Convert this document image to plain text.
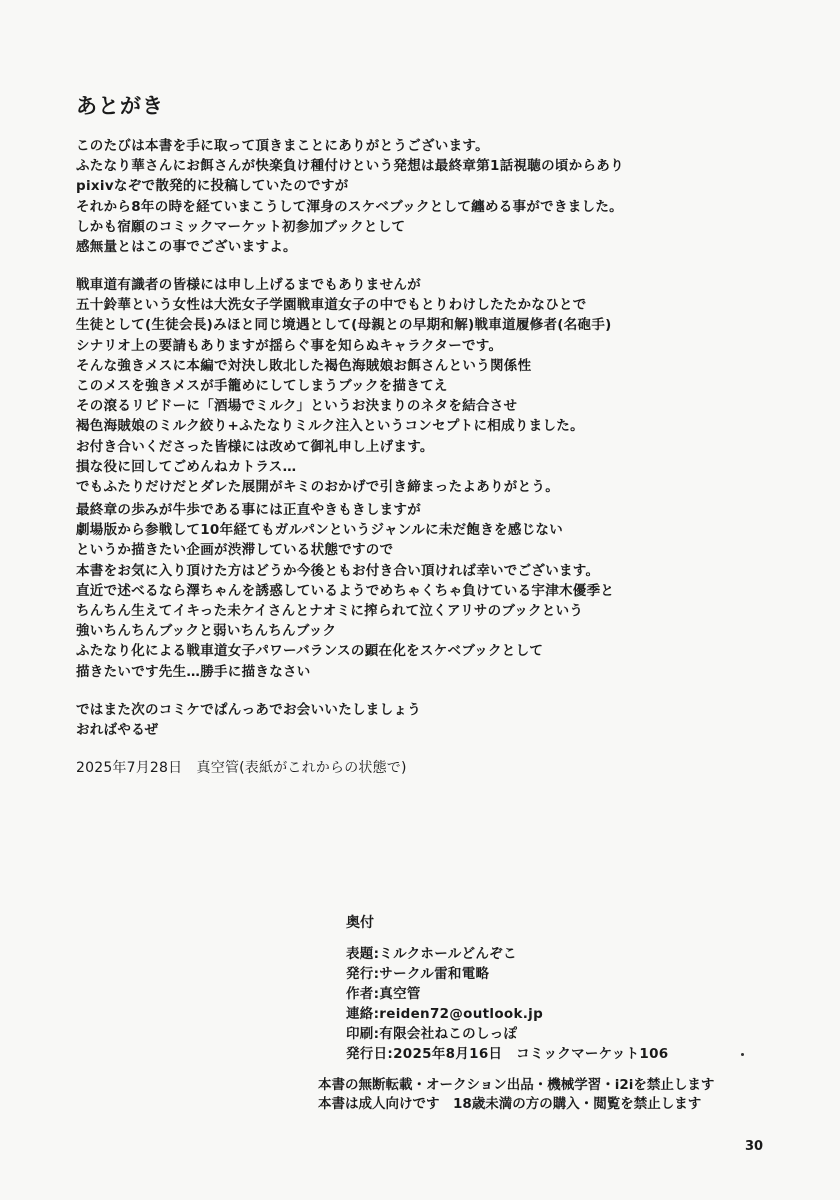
あとがき
このたびは本書を手に取って頂きまことにありがとうございます。
ふたなり華さんにお餌さんが快楽負け種付けという発想は最終章第1話視聴の頃からあり
pixivなぞで散発的に投稿していたのですが
それから8年の時を経ていまこうして渾身のスケベブックとして纏める事ができました。
しかも宿願のコミックマーケット初参加ブックとして
感無量とはこの事でございますよ。
戦車道有識者の皆様には申し上げるまでもありませんが
五十鈴華という女性は大洗女子学園戦車道女子の中でもとりわけしたたかなひとで
生徒として(生徒会長)みほと同じ境遇として(母親との早期和解)戦車道履修者(名砲手)
シナリオ上の要請もありますが揺らぐ事を知らぬキャラクターです。
そんな強きメスに本編で対決し敗北した褐色海賊娘お餌さんという関係性
このメスを強きメスが手籠めにしてしまうブックを描きてえ
その滾るリビドーに「酒場でミルク」というお決まりのネタを結合させ
褐色海賊娘のミルク絞り+ふたなりミルク注入というコンセプトに相成りました。
お付き合いくださった皆様には改めて御礼申し上げます。
損な役に回してごめんねカトラス…
でもふたりだけだとダレた展開がキミのおかげで引き締まったよありがとう。
最終章の歩みが牛歩である事には正直やきもきしますが
劇場版から参戦して10年経てもガルパンというジャンルに未だ飽きを感じない
というか描きたい企画が渋滞している状態ですので
本書をお気に入り頂けた方はどうか今後ともお付き合い頂ければ幸いでございます。
直近で述べるなら澤ちゃんを誘惑しているようでめちゃくちゃ負けている宇津木優季と
ちんちん生えてイキった未ケイさんとナオミに搾られて泣くアリサのブックという
強いちんちんブックと弱いちんちんブック
ふたなり化による戦車道女子パワーバランスの顕在化をスケベブックとして
描きたいです先生…勝手に描きなさい
ではまた次のコミケでぱんっあでお会いいたしましょう
おればやるぜ
2025年7月28日　真空管(表紙がこれからの状態で)
奥付
表題:ミルクホールどんぞこ
発行:サークル雷和電略
作者:真空管
連絡:reiden72@outlook.jp
印刷:有限会社ねこのしっぽ
発行日:2025年8月16日　コミックマーケット106
本書の無断転載・オークション出品・機械学習・i2iを禁止します
本書は成人向けです　18歳未満の方の購入・閲覧を禁止します
30
